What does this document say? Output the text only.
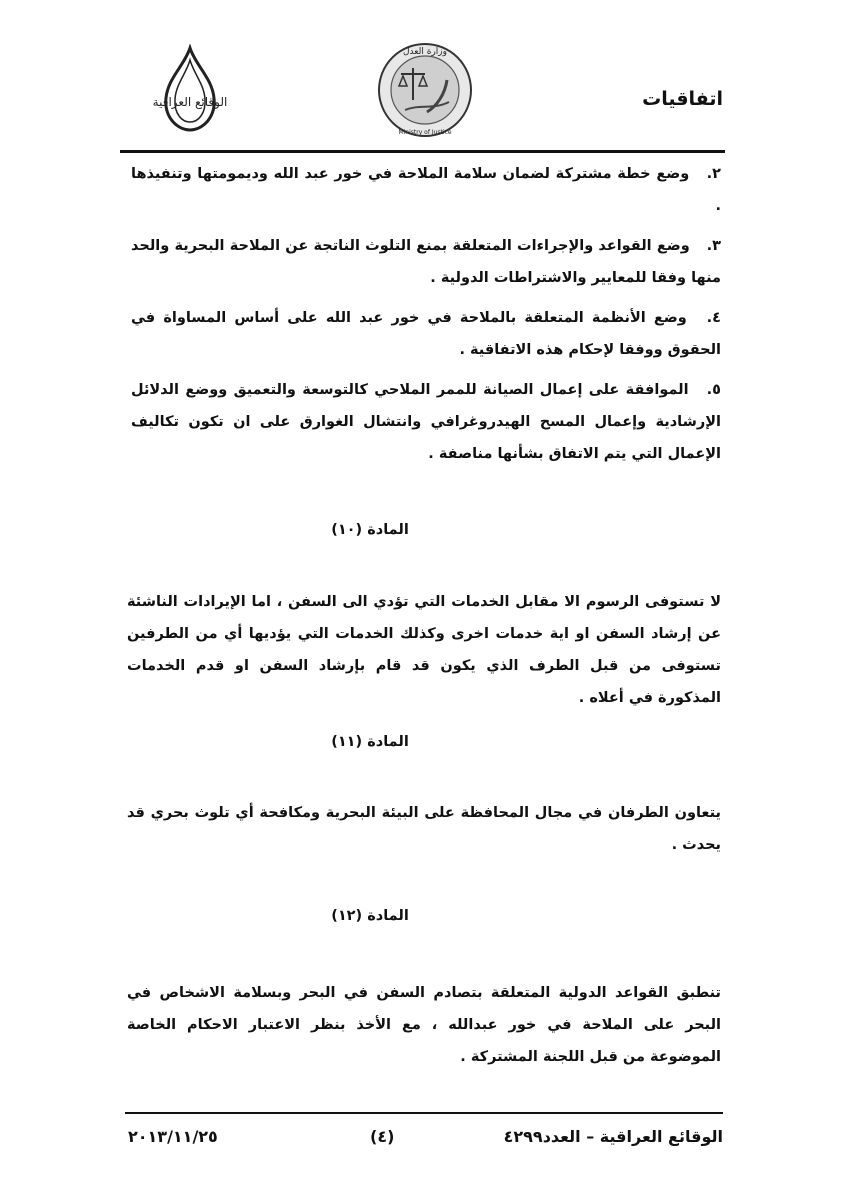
الوقائع العراقية
وزارة العدل
Ministry of Justice
اتفاقيات
٢. وضع خطة مشتركة لضمان سلامة الملاحة في خور عبد الله وديمومتها وتنفيذها .
٣. وضع القواعد والإجراءات المتعلقة بمنع التلوث الناتجة عن الملاحة البحرية والحد منها وفقا للمعايير والاشتراطات الدولية .
٤. وضع الأنظمة المتعلقة بالملاحة في خور عبد الله على أساس المساواة في الحقوق ووفقا لإحكام هذه الاتفاقية .
٥. الموافقة على إعمال الصيانة للممر الملاحي كالتوسعة والتعميق ووضع الدلائل الإرشادية وإعمال المسح الهيدروغرافي وانتشال الغوارق على ان تكون تكاليف الإعمال التي يتم الاتفاق بشأنها مناصفة .
المادة (١٠)
لا تستوفى الرسوم الا مقابل الخدمات التي تؤدي الى السفن ، اما الإيرادات الناشئة عن إرشاد السفن او اية خدمات اخرى وكذلك الخدمات التي يؤديها أي من الطرفين تستوفى من قبل الطرف الذي يكون قد قام بإرشاد السفن او قدم الخدمات المذكورة في أعلاه .
المادة (١١)
يتعاون الطرفان في مجال المحافظة على البيئة البحرية ومكافحة أي تلوث بحري قد يحدث .
المادة (١٢)
تنطبق القواعد الدولية المتعلقة بتصادم السفن في البحر وبسلامة الاشخاص في البحر على الملاحة في خور عبدالله ، مع الأخذ بنظر الاعتبار الاحكام الخاصة الموضوعة من قبل اللجنة المشتركة .
الوقائع العراقية – العدد٤٢٩٩
(٤)
٢٠١٣/١١/٢٥
